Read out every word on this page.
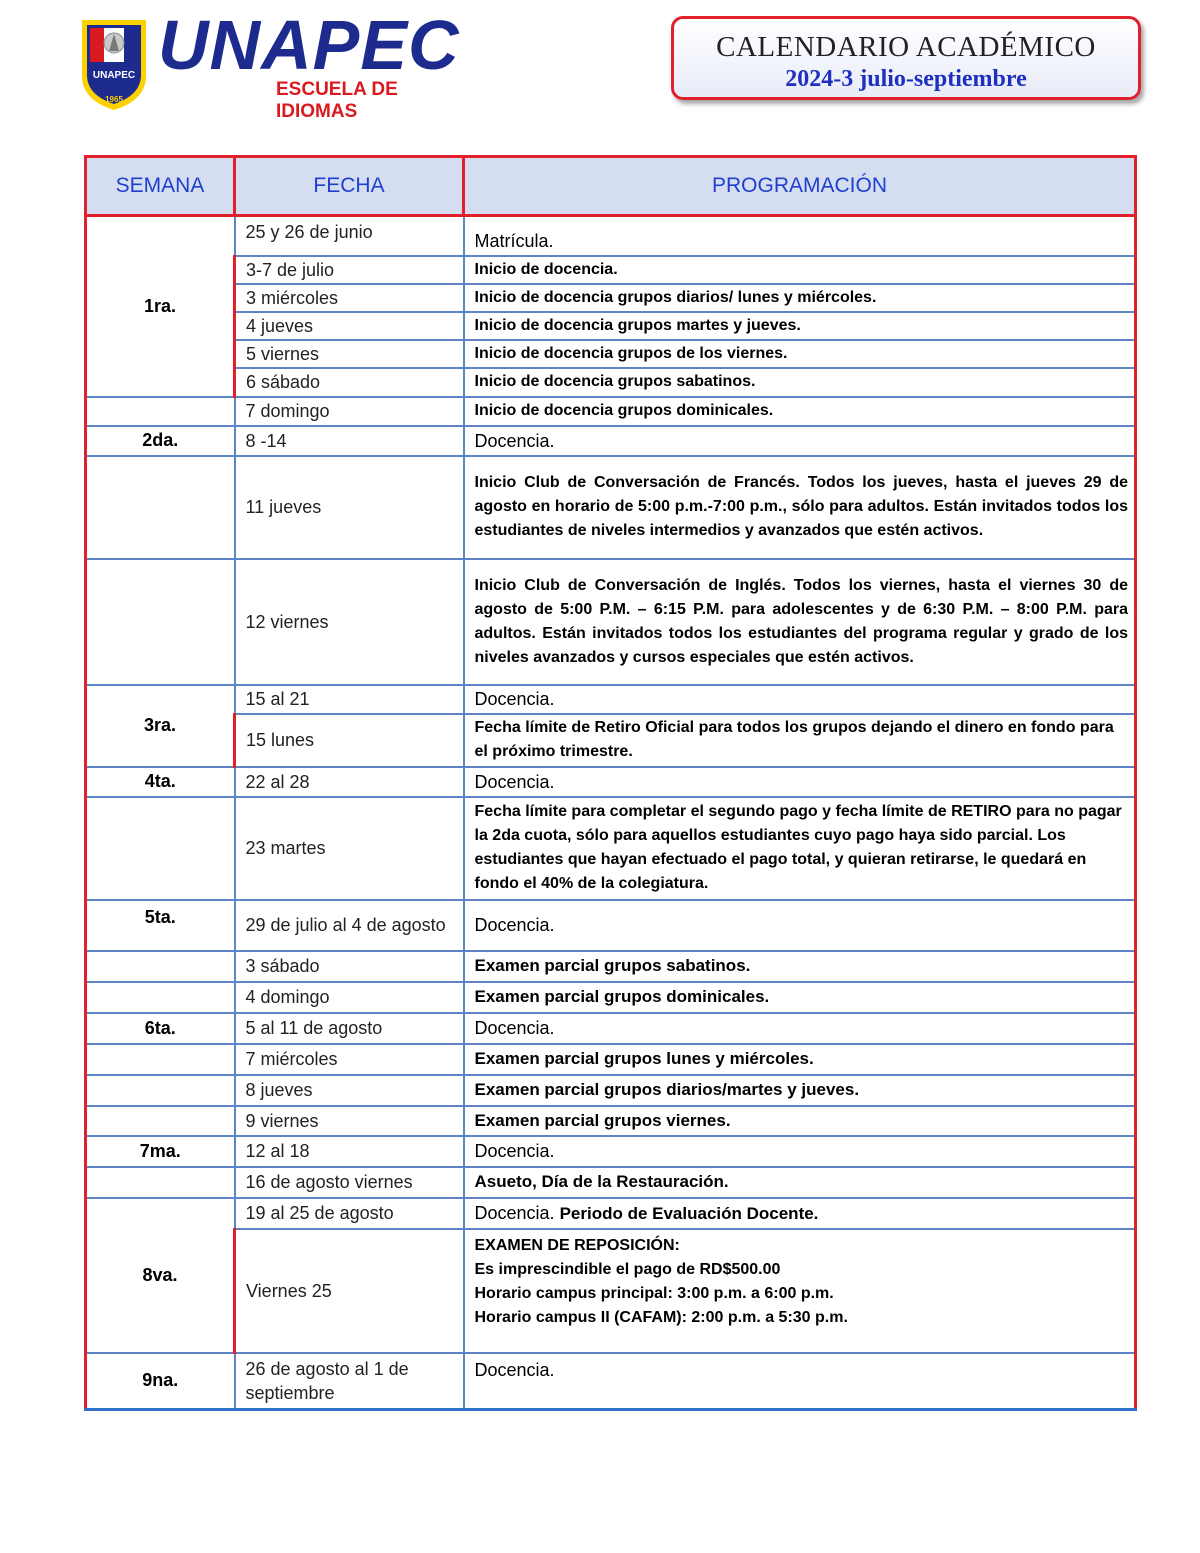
UNAPEC
1965
UNAPEC
ESCUELA DE IDIOMAS
CALENDARIO ACADÉMICO
2024-3 julio-septiembre
SEMANA	FECHA	PROGRAMACIÓN
1ra.	25 y 26 de junio	Matrícula.
	3-7 de julio	Inicio de docencia.
	3 miércoles	Inicio de docencia grupos diarios/ lunes y miércoles.
	4 jueves	Inicio de docencia grupos martes y jueves.
	5 viernes	Inicio de docencia grupos de los viernes.
	6 sábado	Inicio de docencia grupos sabatinos.
	7 domingo	Inicio de docencia grupos dominicales.
2da.	8 -14	Docencia.
	11 jueves	Inicio Club de Conversación de Francés. Todos los jueves, hasta el jueves 29 de agosto en horario de 5:00 p.m.-7:00 p.m., sólo para adultos. Están invitados todos los estudiantes de niveles intermedios y avanzados que estén activos.
	12 viernes	Inicio Club de Conversación de Inglés. Todos los viernes, hasta el viernes 30 de agosto de 5:00 P.M. – 6:15 P.M. para adolescentes y de 6:30 P.M. – 8:00 P.M. para adultos. Están invitados todos los estudiantes del programa regular y grado de los niveles avanzados y cursos especiales que estén activos.
3ra.	15 al 21	Docencia.
	15 lunes	Fecha límite de Retiro Oficial para todos los grupos dejando el dinero en fondo para el próximo trimestre.
4ta.	22 al 28	Docencia.
	23 martes	Fecha límite para completar el segundo pago y fecha límite de RETIRO para no pagar la 2da cuota, sólo para aquellos estudiantes cuyo pago haya sido parcial. Los estudiantes que hayan efectuado el pago total, y quieran retirarse, le quedará en fondo el 40% de la colegiatura.
5ta.	29 de julio al 4 de agosto	Docencia.
	3 sábado	Examen parcial grupos sabatinos.
	4 domingo	Examen parcial grupos dominicales.
6ta.	5 al 11 de agosto	Docencia.
	7 miércoles	Examen parcial grupos lunes y miércoles.
	8 jueves	Examen parcial grupos diarios/martes y jueves.
	9 viernes	Examen parcial grupos viernes.
7ma.	12 al 18	Docencia.
	16 de agosto viernes	Asueto, Día de la Restauración.
8va.	19 al 25 de agosto	Docencia. Periodo de Evaluación Docente.
	Viernes 25	EXAMEN DE REPOSICIÓN:
Es imprescindible el pago de RD$500.00
Horario campus principal: 3:00 p.m. a 6:00 p.m.
Horario campus II (CAFAM): 2:00 p.m. a 5:30 p.m.

9na.	26 de agosto al 1 de septiembre	Docencia.
